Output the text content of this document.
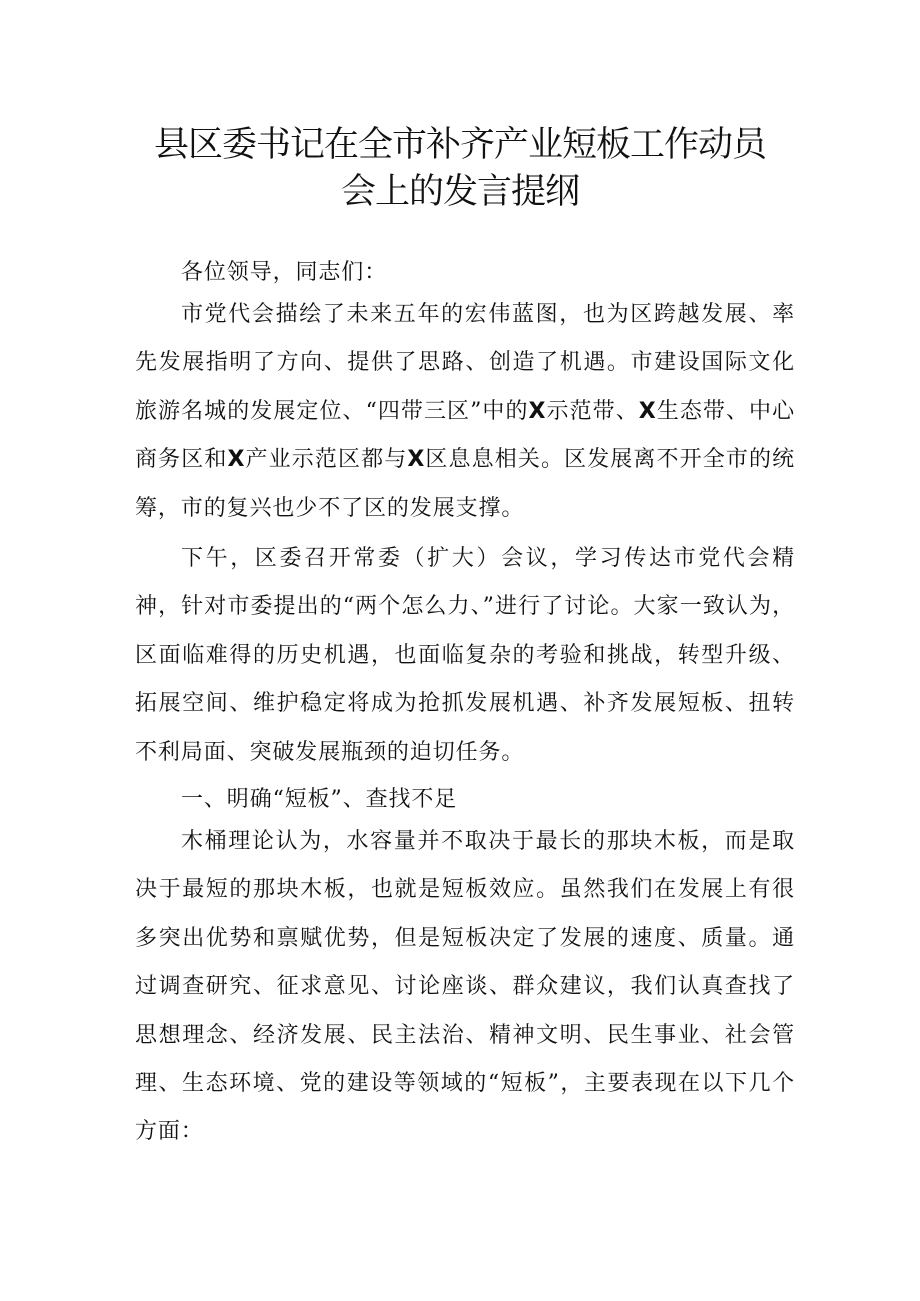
县区委书记在全市补齐产业短板工作动员
会上的发言提纲
各位领导，同志们：
市党代会描绘了未来五年的宏伟蓝图，也为区跨越发展、率先发展指明了方向、提供了思路、创造了机遇。市建设国际文化旅游名城的发展定位、“四带三区”中的X示范带、X生态带、中心商务区和X产业示范区都与X区息息相关。区发展离不开全市的统筹，市的复兴也少不了区的发展支撑。
下午，区委召开常委（扩大）会议，学习传达市党代会精神，针对市委提出的“两个怎么力、”进行了讨论。大家一致认为，区面临难得的历史机遇，也面临复杂的考验和挑战，转型升级、拓展空间、维护稳定将成为抢抓发展机遇、补齐发展短板、扭转不利局面、突破发展瓶颈的迫切任务。
一、明确“短板”、查找不足
木桶理论认为，水容量并不取决于最长的那块木板，而是取决于最短的那块木板，也就是短板效应。虽然我们在发展上有很多突出优势和禀赋优势，但是短板决定了发展的速度、质量。通过调查研究、征求意见、讨论座谈、群众建议，我们认真查找了思想理念、经济发展、民主法治、精神文明、民生事业、社会管理、生态环境、党的建设等领域的“短板”，主要表现在以下几个方面：
